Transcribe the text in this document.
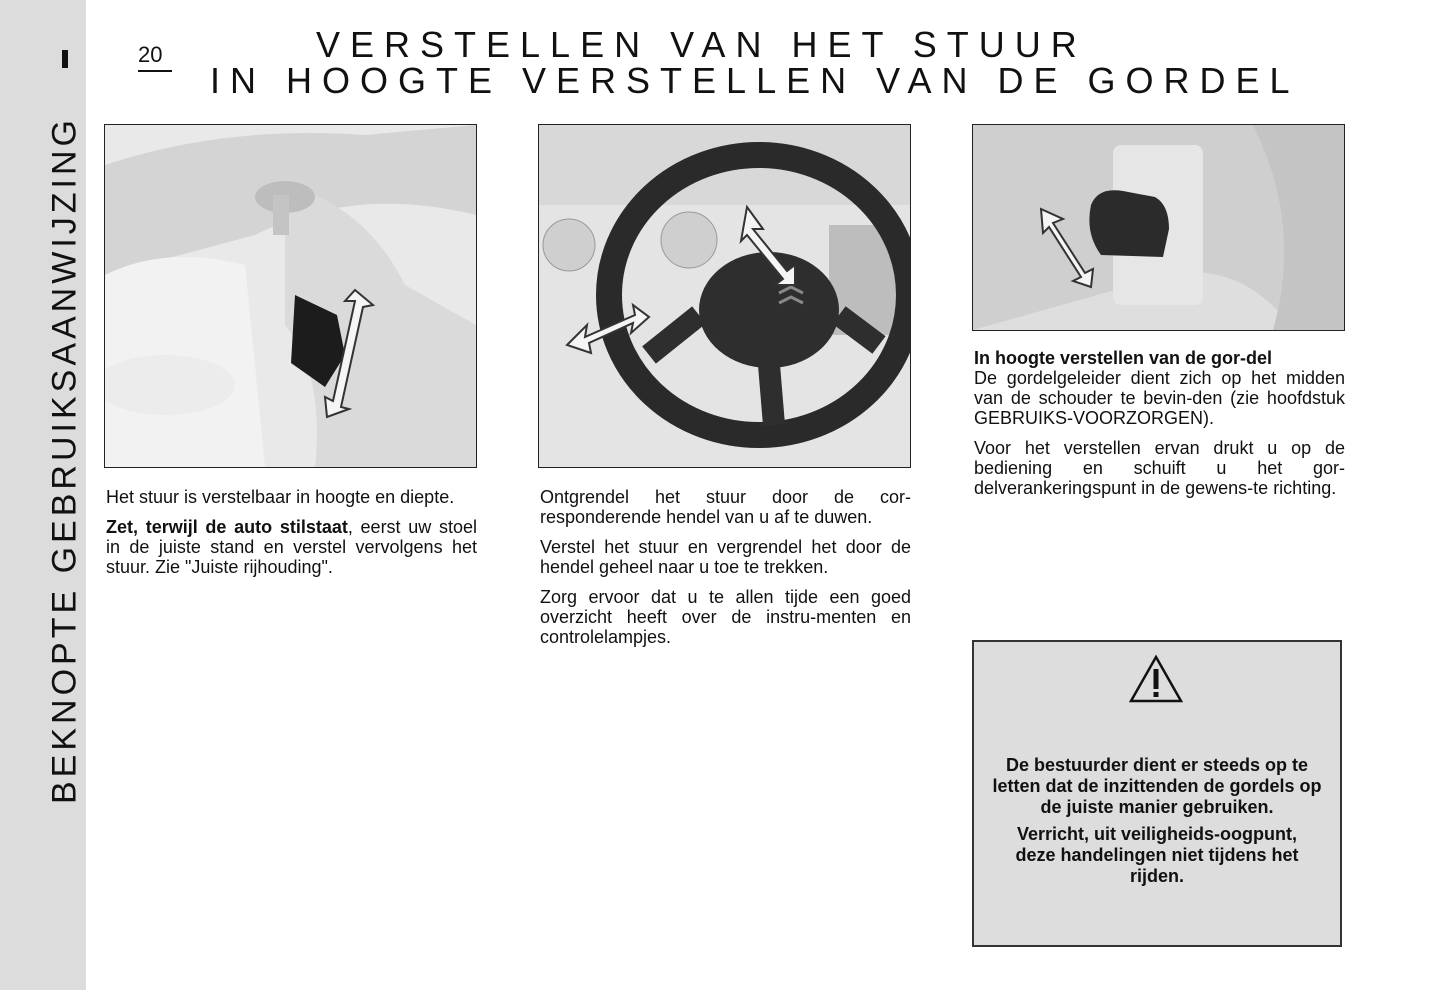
BEKNOPTE GEBRUIKSAANWIJZING
20	VERSTELLEN VAN HET STUUR
IN HOOGTE VERSTELLEN VAN DE GORDEL

Het stuur is verstelbaar in hoogte en diepte.

Zet, terwijl de auto stilstaat, eerst uw stoel in de juiste stand en verstel vervolgens het stuur. Zie "Juiste rijhouding".

Ontgrendel het stuur door de cor-responderende hendel van u af te duwen.

Verstel het stuur en vergrendel het door de hendel geheel naar u toe te trekken.

Zorg ervoor dat u te allen tijde een goed overzicht heeft over de instru-menten en controlelampjes.

In hoogte verstellen van de gor-del

De gordelgeleider dient zich op het midden van de schouder te bevin-den (zie hoofdstuk GEBRUIKS-VOORZORGEN).

Voor het verstellen ervan drukt u op de bediening en schuift u het gor-delverankeringspunt in de gewens-te richting.

De bestuurder dient er steeds op te letten dat de inzittenden de gordels op de juiste manier gebruiken.

Verricht, uit veiligheids-oogpunt, deze handelingen niet tijdens het rijden.
